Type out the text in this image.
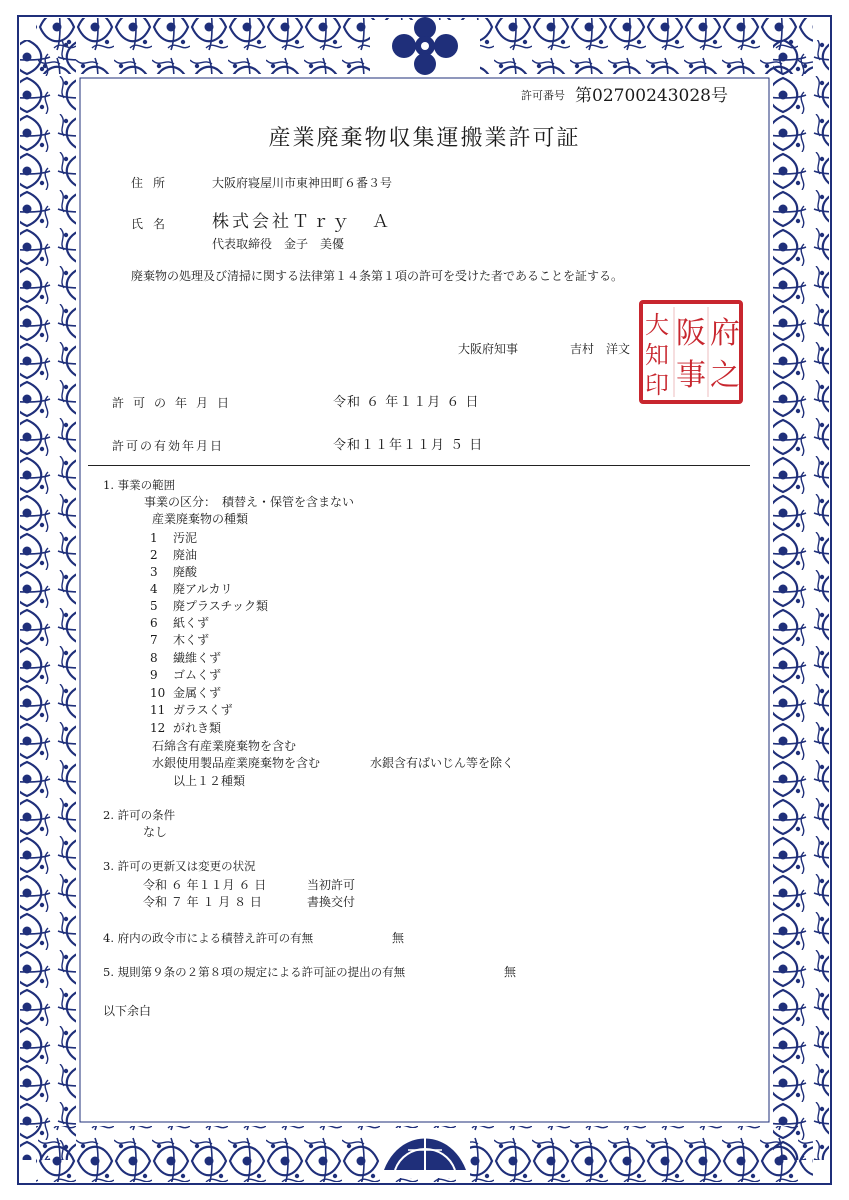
許可番号 第02700243028号
産業廃棄物収集運搬業許可証
住所	大阪府寝屋川市東神田町６番３号
氏名 株式会社Ｔｒｙ　Ａ
代表取締役　金子　美優
廃棄物の処理及び清掃に関する法律第１４条第１項の許可を受けた者であることを証する。
大阪府知事	吉村　洋文	府
之
阪
事
大
知
印
許可の年月日	令和 ６ 年１１月 ６ 日
許可の有効年月日	令和１１年１１月 ５ 日
1. 事業の範囲
事業の区分：　積替え・保管を含まない
産業廃棄物の種類
1 汚泥
2 廃油
3 廃酸
4 廃アルカリ
5 廃プラスチック類
6 紙くず
7 木くず
8 繊維くず
9 ゴムくず
10 金属くず
11 ガラスくず
12 がれき類
石綿含有産業廃棄物を含む
水銀使用製品産業廃棄物を含む	水銀含有ばいじん等を除く
以上１２種類
2. 許可の条件
なし
3. 許可の更新又は変更の状況
令和 ６ 年１１月 ６ 日	当初許可
令和 ７ 年 １ 月 ８ 日	書換交付
4. 府内の政令市による積替え許可の有無	無
5. 規則第９条の２第８項の規定による許可証の提出の有無	無
以下余白
